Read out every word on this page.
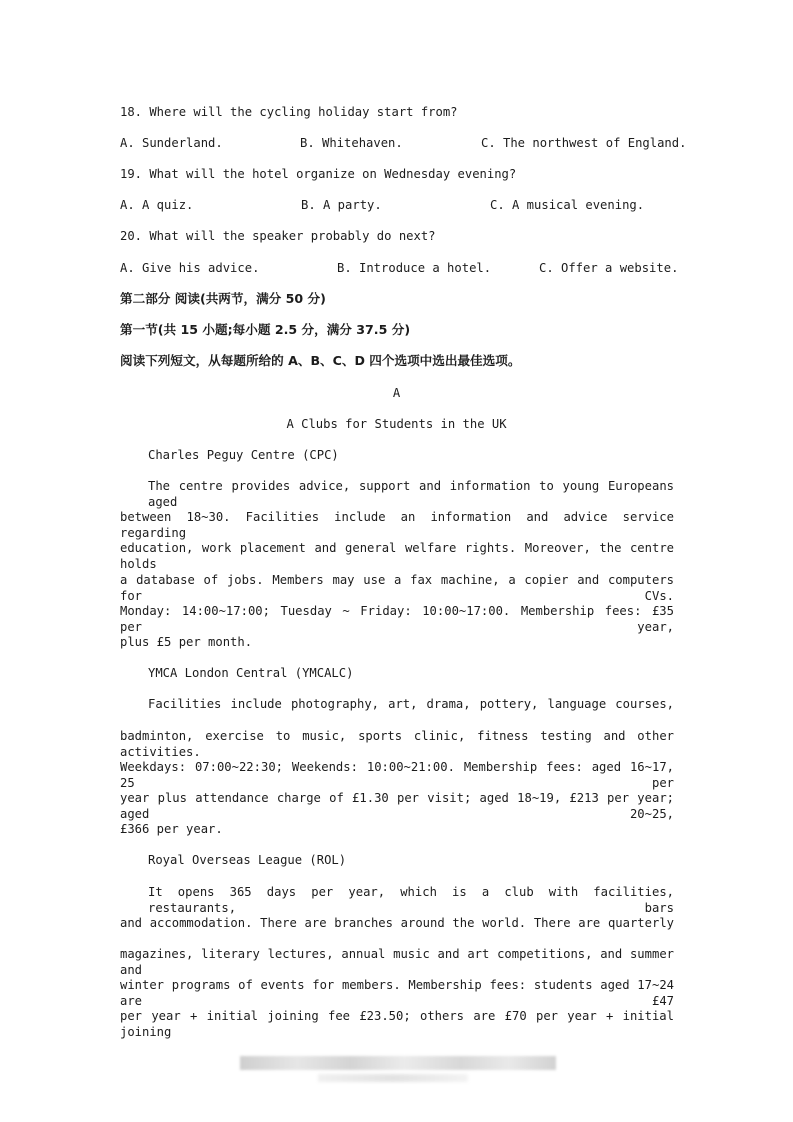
18. Where will the cycling holiday start from?
A. Sunderland.	B. Whitehaven.	C. The northwest of England.
19. What will the hotel organize on Wednesday evening?
A. A quiz.	B. A party.	C. A musical evening.
20. What will the speaker probably do next?
A. Give his advice.	B. Introduce a hotel.	C. Offer a website.
第二部分 阅读(共两节，满分 50 分)
第一节(共 15 小题;每小题 2.5 分，满分 37.5 分)
阅读下列短文，从每题所给的 A、B、C、D 四个选项中选出最佳选项。
A
A Clubs for Students in the UK
Charles Peguy Centre (CPC)
The centre provides advice, support and information to young Europeans aged
between 18~30. Facilities include an information and advice service regarding
education, work placement and general welfare rights. Moreover, the centre holds
a database of jobs. Members may use a fax machine, a copier and computers for CVs.
Monday: 14:00~17:00; Tuesday ~ Friday: 10:00~17:00. Membership fees: £35 per year,
plus £5 per month.
YMCA London Central (YMCALC)
Facilities include photography, art, drama, pottery, language courses,
badminton, exercise to music, sports clinic, fitness testing and other activities.
Weekdays: 07:00~22:30; Weekends: 10:00~21:00. Membership fees: aged 16~17, 25 per
year plus attendance charge of £1.30 per visit; aged 18~19, £213 per year; aged 20~25,
£366 per year.
Royal Overseas League (ROL)
It opens 365 days per year, which is a club with facilities, restaurants, bars
and accommodation. There are branches around the world. There are quarterly
magazines, literary lectures, annual music and art competitions, and summer and
winter programs of events for members. Membership fees: students aged 17~24 are £47
per year + initial joining fee £23.50; others are £70 per year + initial joining
